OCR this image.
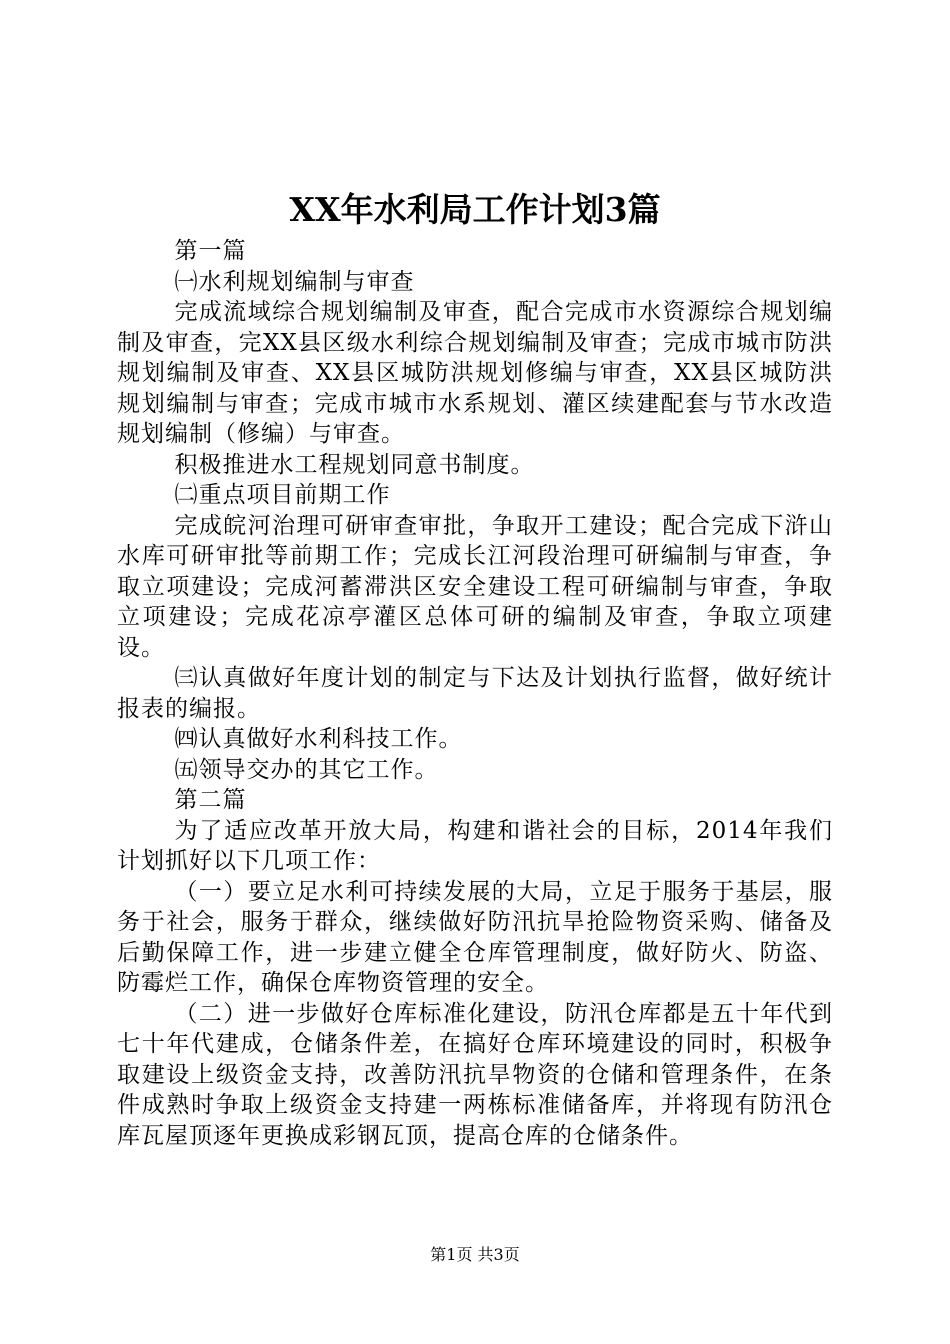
XX年水利局工作计划3篇

第一篇

㈠水利规划编制与审查

完成流域综合规划编制及审查，配合完成市水资源综合规划编制及审查，完XX县区级水利综合规划编制及审查；完成市城市防洪规划编制及审查、XX县区城防洪规划修编与审查，XX县区城防洪规划编制与审查；完成市城市水系规划、灌区续建配套与节水改造规划编制（修编）与审查。

积极推进水工程规划同意书制度。

㈡重点项目前期工作

完成皖河治理可研审查审批，争取开工建设；配合完成下浒山水库可研审批等前期工作；完成长江河段治理可研编制与审查，争取立项建设；完成河蓄滞洪区安全建设工程可研编制与审查，争取立项建设；完成花凉亭灌区总体可研的编制及审查，争取立项建设。

㈢认真做好年度计划的制定与下达及计划执行监督，做好统计报表的编报。

㈣认真做好水利科技工作。

㈤领导交办的其它工作。

第二篇

为了适应改革开放大局，构建和谐社会的目标，2014年我们计划抓好以下几项工作：

（一）要立足水利可持续发展的大局，立足于服务于基层，服务于社会，服务于群众，继续做好防汛抗旱抢险物资采购、储备及后勤保障工作，进一步建立健全仓库管理制度，做好防火、防盗、防霉烂工作，确保仓库物资管理的安全。

（二）进一步做好仓库标准化建设，防汛仓库都是五十年代到七十年代建成，仓储条件差，在搞好仓库环境建设的同时，积极争取建设上级资金支持，改善防汛抗旱物资的仓储和管理条件，在条件成熟时争取上级资金支持建一两栋标准储备库，并将现有防汛仓库瓦屋顶逐年更换成彩钢瓦顶，提高仓库的仓储条件。

第1页 共3页
